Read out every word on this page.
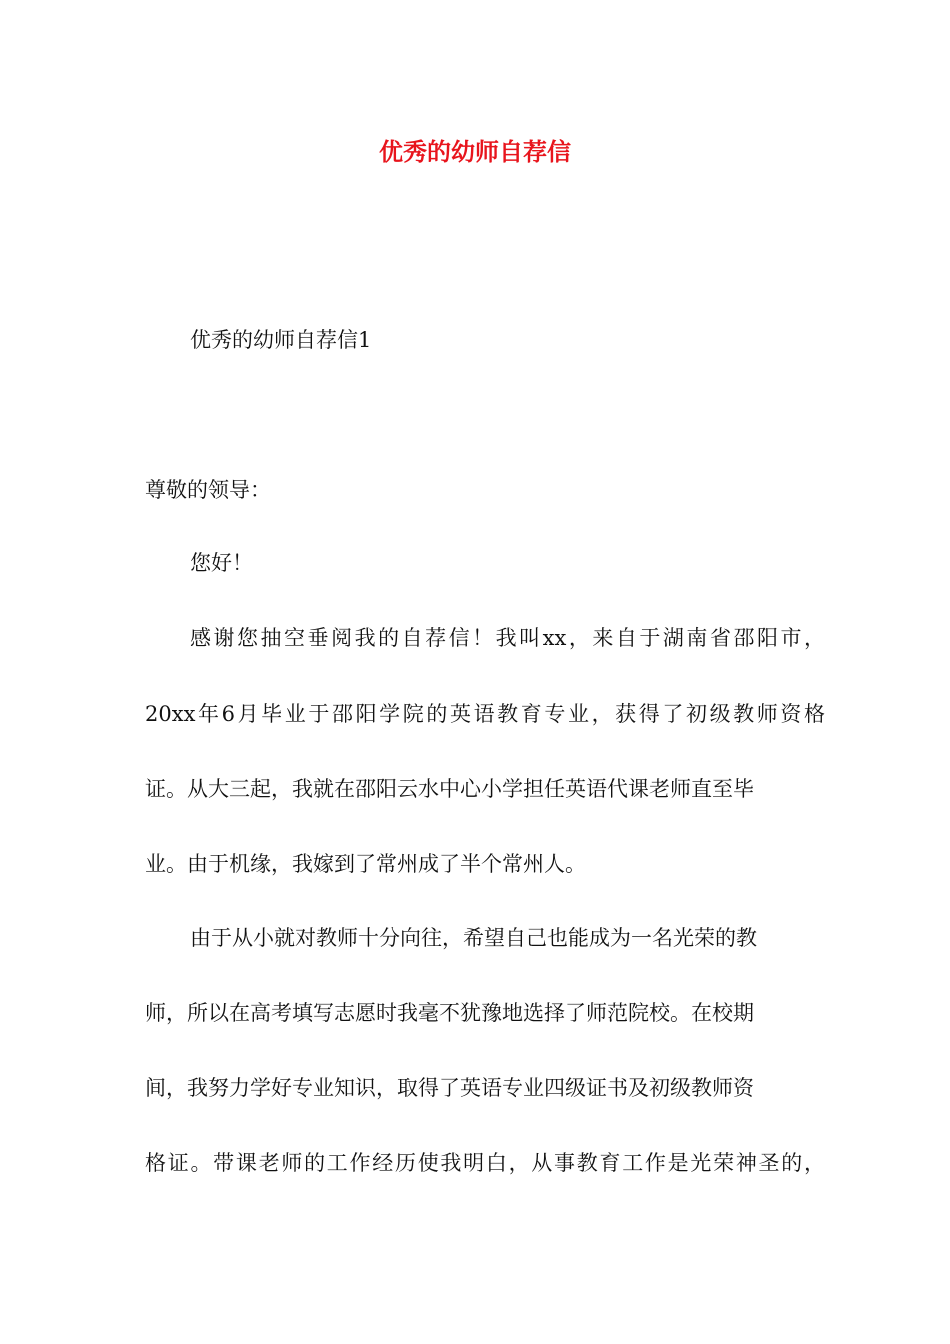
优秀的幼师自荐信

优秀的幼师自荐信1

尊敬的领导：

您好！

感谢您抽空垂阅我的自荐信！我叫xx，来自于湖南省邵阳市，

20xx年6月毕业于邵阳学院的英语教育专业，获得了初级教师资格

证。从大三起，我就在邵阳云水中心小学担任英语代课老师直至毕

业。由于机缘，我嫁到了常州成了半个常州人。

由于从小就对教师十分向往，希望自己也能成为一名光荣的教

师，所以在高考填写志愿时我毫不犹豫地选择了师范院校。在校期

间，我努力学好专业知识，取得了英语专业四级证书及初级教师资

格证。带课老师的工作经历使我明白，从事教育工作是光荣神圣的，
